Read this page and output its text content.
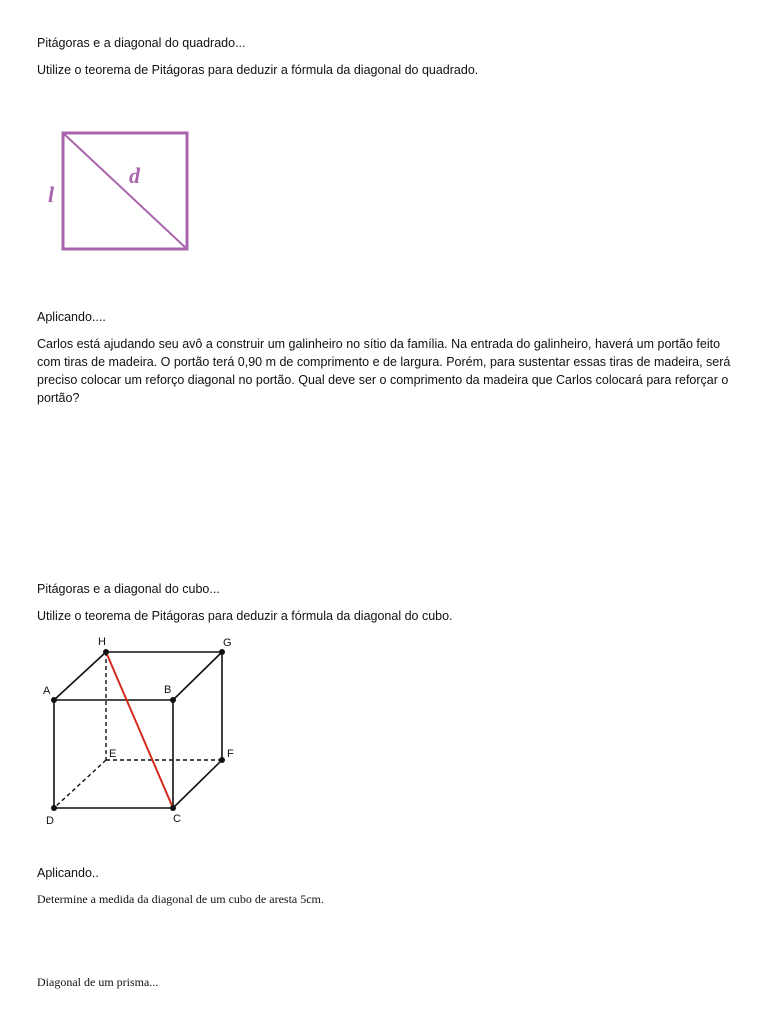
Pitágoras e a diagonal do quadrado...

Utilize o teorema de Pitágoras para deduzir a fórmula da diagonal do quadrado.

l
d

Aplicando....

Carlos está ajudando seu avô a construir um galinheiro no sítio da família. Na entrada do galinheiro, haverá um portão feito com tiras de madeira. O portão terá 0,90 m de comprimento e de largura. Porém, para sustentar essas tiras de madeira, será preciso colocar um reforço diagonal no portão. Qual deve ser o comprimento da madeira que Carlos colocará para reforçar o portão?

Pitágoras e a diagonal do cubo...

Utilize o teorema de Pitágoras para deduzir a fórmula da diagonal do cubo.

A	B
C
D
E	F
G
H

Aplicando..

Determine a medida da diagonal de um cubo de aresta 5cm.

Diagonal de um prisma...
